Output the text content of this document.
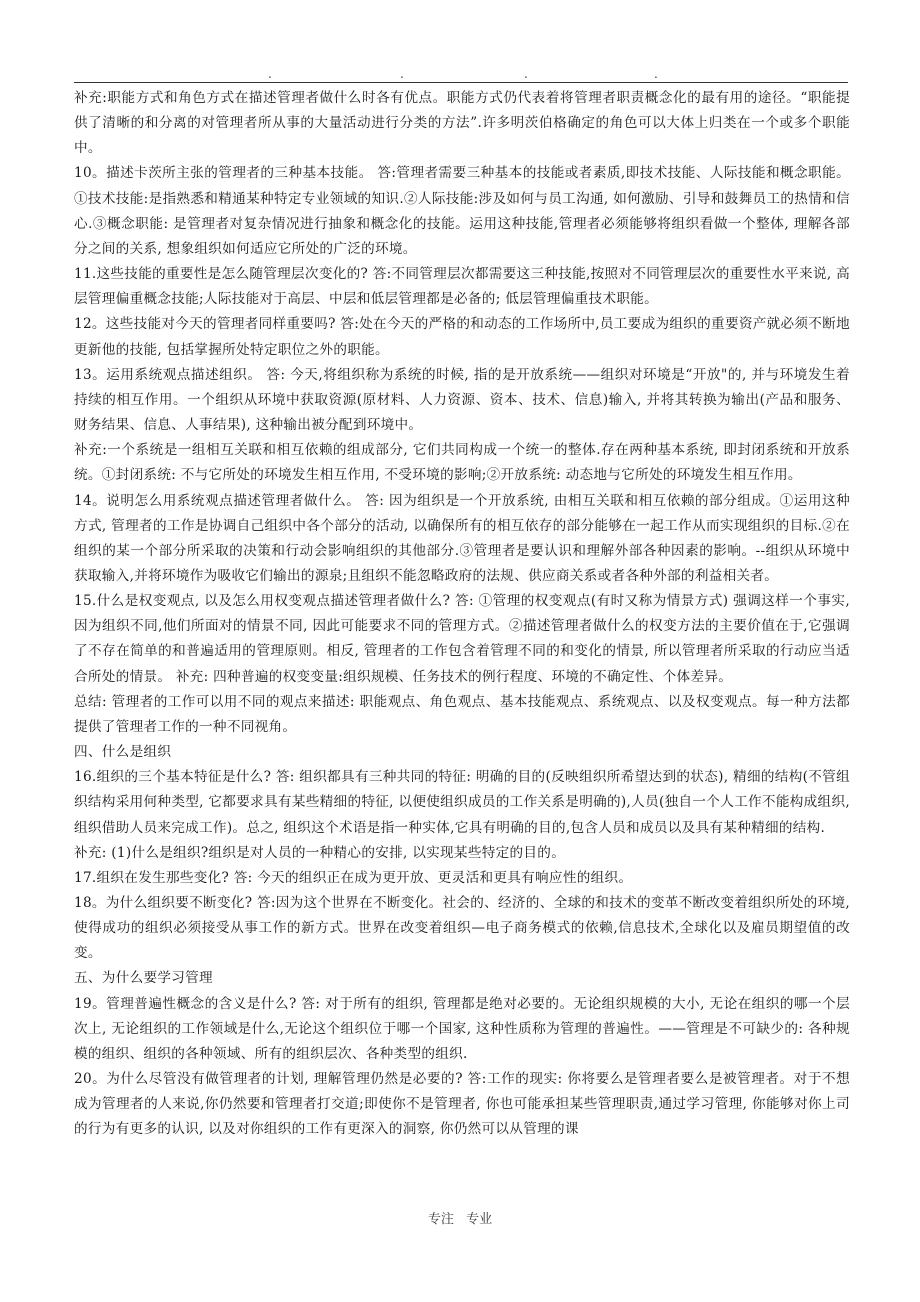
.	.	.	.

补充:职能方式和角色方式在描述管理者做什么时各有优点。职能方式仍代表着将管理者职责概念化的最有用的途径。“职能提供了清晰的和分离的对管理者所从事的大量活动进行分类的方法”.许多明茨伯格确定的角色可以大体上归类在一个或多个职能中。

10。描述卡茨所主张的管理者的三种基本技能。 答:管理者需要三种基本的技能或者素质,即技术技能、人际技能和概念职能。①技术技能:是指熟悉和精通某种特定专业领域的知识.②人际技能:涉及如何与员工沟通, 如何激励、引导和鼓舞员工的热情和信心.③概念职能: 是管理者对复杂情况进行抽象和概念化的技能。运用这种技能,管理者必须能够将组织看做一个整体, 理解各部分之间的关系, 想象组织如何适应它所处的广泛的环境。

11.这些技能的重要性是怎么随管理层次变化的? 答:不同管理层次都需要这三种技能,按照对不同管理层次的重要性水平来说, 高层管理偏重概念技能;人际技能对于高层、中层和低层管理都是必备的; 低层管理偏重技术职能。

12。这些技能对今天的管理者同样重要吗? 答:处在今天的严格的和动态的工作场所中,员工要成为组织的重要资产就必须不断地更新他的技能, 包括掌握所处特定职位之外的职能。

13。运用系统观点描述组织。 答: 今天,将组织称为系统的时候, 指的是开放系统——组织对环境是“开放"的, 并与环境发生着持续的相互作用。一个组织从环境中获取资源(原材料、人力资源、资本、技术、信息)输入, 并将其转换为输出(产品和服务、财务结果、信息、人事结果), 这种输出被分配到环境中。

补充:一个系统是一组相互关联和相互依赖的组成部分, 它们共同构成一个统一的整体.存在两种基本系统, 即封闭系统和开放系统。①封闭系统: 不与它所处的环境发生相互作用, 不受环境的影响;②开放系统: 动态地与它所处的环境发生相互作用。

14。说明怎么用系统观点描述管理者做什么。 答: 因为组织是一个开放系统, 由相互关联和相互依赖的部分组成。①运用这种方式, 管理者的工作是协调自己组织中各个部分的活动, 以确保所有的相互依存的部分能够在一起工作从而实现组织的目标.②在组织的某一个部分所采取的决策和行动会影响组织的其他部分.③管理者是要认识和理解外部各种因素的影响。--组织从环境中获取输入,并将环境作为吸收它们输出的源泉;且组织不能忽略政府的法规、供应商关系或者各种外部的利益相关者。

15.什么是权变观点, 以及怎么用权变观点描述管理者做什么? 答: ①管理的权变观点(有时又称为情景方式) 强调这样一个事实, 因为组织不同,他们所面对的情景不同, 因此可能要求不同的管理方式。②描述管理者做什么的权变方法的主要价值在于,它强调了不存在简单的和普遍适用的管理原则。相反, 管理者的工作包含着管理不同的和变化的情景, 所以管理者所采取的行动应当适合所处的情景。 补充: 四种普遍的权变变量:组织规模、任务技术的例行程度、环境的不确定性、个体差异。

总结: 管理者的工作可以用不同的观点来描述: 职能观点、角色观点、基本技能观点、系统观点、以及权变观点。每一种方法都提供了管理者工作的一种不同视角。

四、什么是组织

16.组织的三个基本特征是什么? 答: 组织都具有三种共同的特征: 明确的目的(反映组织所希望达到的状态), 精细的结构(不管组织结构采用何种类型, 它都要求具有某些精细的特征, 以便使组织成员的工作关系是明确的),人员(独自一个人工作不能构成组织, 组织借助人员来完成工作)。总之, 组织这个术语是指一种实体,它具有明确的目的,包含人员和成员以及具有某种精细的结构.

补充: (1)什么是组织?组织是对人员的一种精心的安排, 以实现某些特定的目的。

17.组织在发生那些变化? 答: 今天的组织正在成为更开放、更灵活和更具有响应性的组织。

18。为什么组织要不断变化? 答:因为这个世界在不断变化。社会的、经济的、全球的和技术的变革不断改变着组织所处的环境, 使得成功的组织必须接受从事工作的新方式。世界在改变着组织—电子商务模式的依赖,信息技术,全球化以及雇员期望值的改变。

五、为什么要学习管理

19。管理普遍性概念的含义是什么? 答: 对于所有的组织, 管理都是绝对必要的。无论组织规模的大小, 无论在组织的哪一个层次上, 无论组织的工作领域是什么,无论这个组织位于哪一个国家, 这种性质称为管理的普遍性。——管理是不可缺少的: 各种规模的组织、组织的各种领域、所有的组织层次、各种类型的组织.

20。为什么尽管没有做管理者的计划, 理解管理仍然是必要的? 答:工作的现实: 你将要么是管理者要么是被管理者。对于不想成为管理者的人来说,你仍然要和管理者打交道;即使你不是管理者, 你也可能承担某些管理职责,通过学习管理, 你能够对你上司的行为有更多的认识, 以及对你组织的工作有更深入的洞察, 你仍然可以从管理的课

专注 专业
